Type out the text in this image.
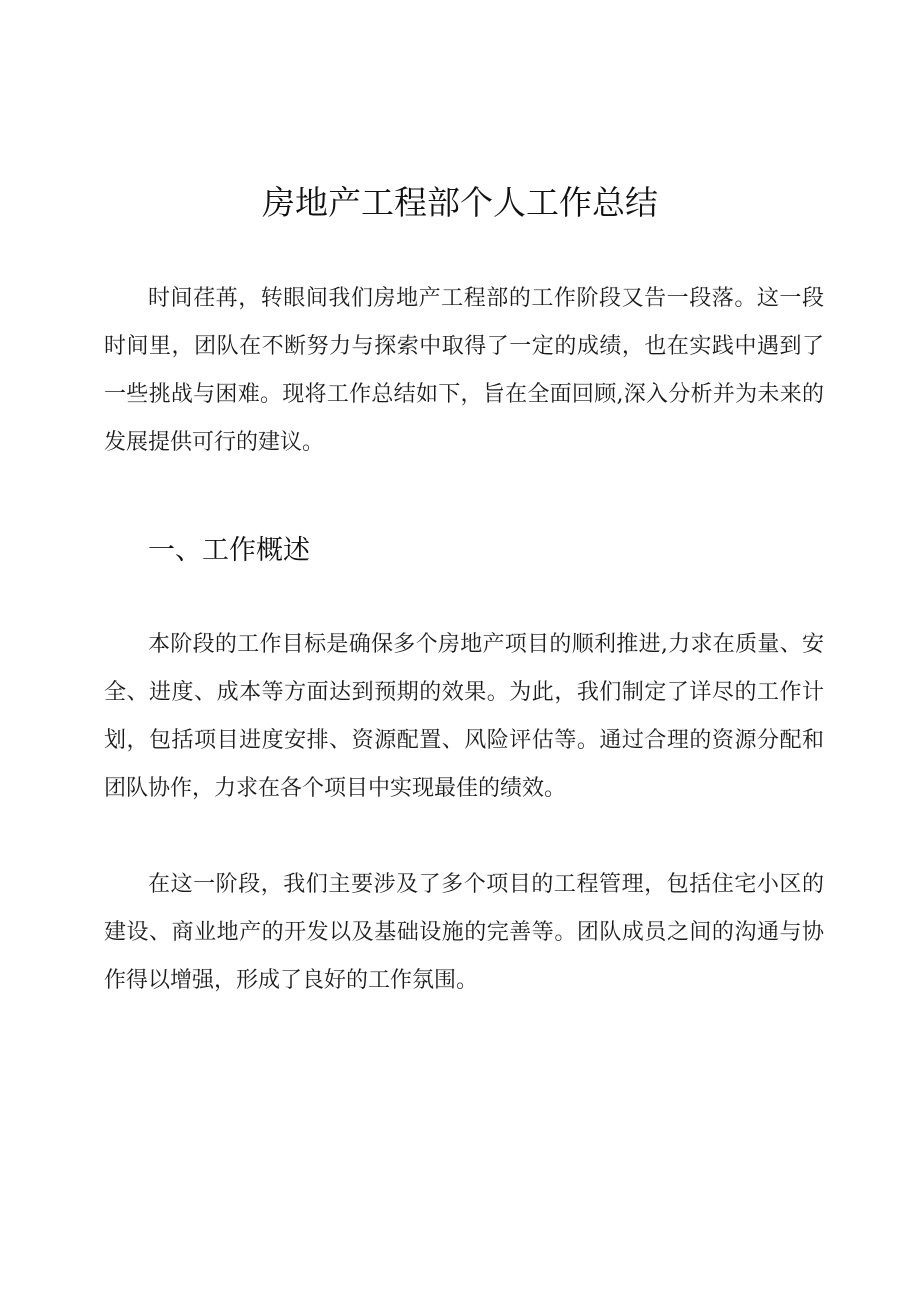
房地产工程部个人工作总结

时间荏苒，转眼间我们房地产工程部的工作阶段又告一段落。这一段时间里，团队在不断努力与探索中取得了一定的成绩，也在实践中遇到了一些挑战与困难。现将工作总结如下，旨在全面回顾,深入分析并为未来的发展提供可行的建议。

一、工作概述

本阶段的工作目标是确保多个房地产项目的顺利推进,力求在质量、安全、进度、成本等方面达到预期的效果。为此，我们制定了详尽的工作计划，包括项目进度安排、资源配置、风险评估等。通过合理的资源分配和团队协作，力求在各个项目中实现最佳的绩效。

在这一阶段，我们主要涉及了多个项目的工程管理，包括住宅小区的建设、商业地产的开发以及基础设施的完善等。团队成员之间的沟通与协作得以增强，形成了良好的工作氛围。
